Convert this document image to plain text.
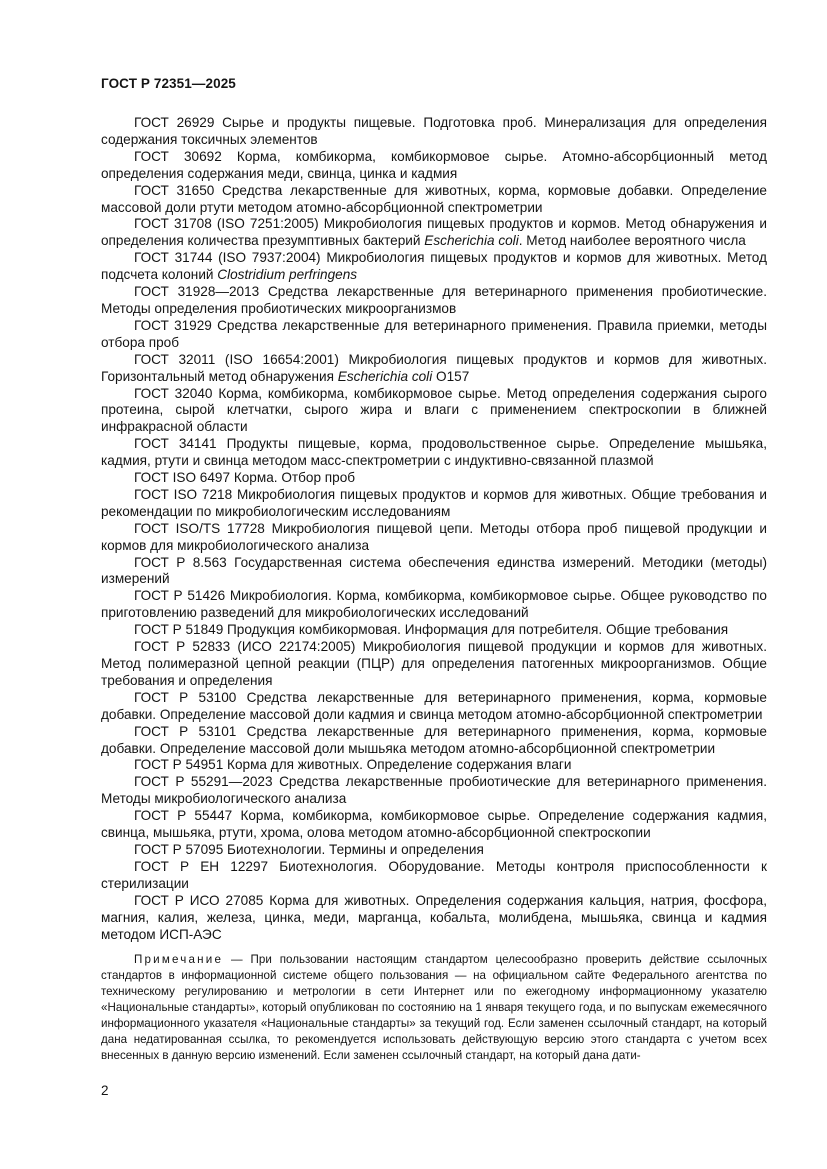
ГОСТ Р 72351—2025

ГОСТ 26929 Сырье и продукты пищевые. Подготовка проб. Минерализация для определения содержания токсичных элементов

ГОСТ 30692 Корма, комбикорма, комбикормовое сырье. Атомно-абсорбционный метод определения содержания меди, свинца, цинка и кадмия

ГОСТ 31650 Средства лекарственные для животных, корма, кормовые добавки. Определение массовой доли ртути методом атомно-абсорбционной спектрометрии

ГОСТ 31708 (ISO 7251:2005) Микробиология пищевых продуктов и кормов. Метод обнаружения и определения количества презумптивных бактерий Escherichia coli. Метод наиболее вероятного числа

ГОСТ 31744 (ISO 7937:2004) Микробиология пищевых продуктов и кормов для животных. Метод подсчета колоний Clostridium perfringens

ГОСТ 31928—2013 Средства лекарственные для ветеринарного применения пробиотические. Методы определения пробиотических микроорганизмов

ГОСТ 31929 Средства лекарственные для ветеринарного применения. Правила приемки, методы отбора проб

ГОСТ 32011 (ISO 16654:2001) Микробиология пищевых продуктов и кормов для животных. Горизонтальный метод обнаружения Escherichia coli O157

ГОСТ 32040 Корма, комбикорма, комбикормовое сырье. Метод определения содержания сырого протеина, сырой клетчатки, сырого жира и влаги с применением спектроскопии в ближней инфракрасной области

ГОСТ 34141 Продукты пищевые, корма, продовольственное сырье. Определение мышьяка, кадмия, ртути и свинца методом масс-спектрометрии с индуктивно-связанной плазмой

ГОСТ ISO 6497 Корма. Отбор проб

ГОСТ ISO 7218 Микробиология пищевых продуктов и кормов для животных. Общие требования и рекомендации по микробиологическим исследованиям

ГОСТ ISO/TS 17728 Микробиология пищевой цепи. Методы отбора проб пищевой продукции и кормов для микробиологического анализа

ГОСТ Р 8.563 Государственная система обеспечения единства измерений. Методики (методы) измерений

ГОСТ Р 51426 Микробиология. Корма, комбикорма, комбикормовое сырье. Общее руководство по приготовлению разведений для микробиологических исследований

ГОСТ Р 51849 Продукция комбикормовая. Информация для потребителя. Общие требования

ГОСТ Р 52833 (ИСО 22174:2005) Микробиология пищевой продукции и кормов для животных. Метод полимеразной цепной реакции (ПЦР) для определения патогенных микроорганизмов. Общие требования и определения

ГОСТ Р 53100 Средства лекарственные для ветеринарного применения, корма, кормовые добавки. Определение массовой доли кадмия и свинца методом атомно-абсорбционной спектрометрии

ГОСТ Р 53101 Средства лекарственные для ветеринарного применения, корма, кормовые добавки. Определение массовой доли мышьяка методом атомно-абсорбционной спектрометрии

ГОСТ Р 54951 Корма для животных. Определение содержания влаги

ГОСТ Р 55291—2023 Средства лекарственные пробиотические для ветеринарного применения. Методы микробиологического анализа

ГОСТ Р 55447 Корма, комбикорма, комбикормовое сырье. Определение содержания кадмия, свинца, мышьяка, ртути, хрома, олова методом атомно-абсорбционной спектроскопии

ГОСТ Р 57095 Биотехнологии. Термины и определения

ГОСТ Р ЕН 12297 Биотехнология. Оборудование. Методы контроля приспособленности к стерилизации

ГОСТ Р ИСО 27085 Корма для животных. Определения содержания кальция, натрия, фосфора, магния, калия, железа, цинка, меди, марганца, кобальта, молибдена, мышьяка, свинца и кадмия методом ИСП-АЭС

Примечание — При пользовании настоящим стандартом целесообразно проверить действие ссылочных стандартов в информационной системе общего пользования — на официальном сайте Федерального агентства по техническому регулированию и метрологии в сети Интернет или по ежегодному информационному указателю «Национальные стандарты», который опубликован по состоянию на 1 января текущего года, и по выпускам ежемесячного информационного указателя «Национальные стандарты» за текущий год. Если заменен ссылочный стандарт, на который дана недатированная ссылка, то рекомендуется использовать действующую версию этого стандарта с учетом всех внесенных в данную версию изменений. Если заменен ссылочный стандарт, на который дана дати-

2
